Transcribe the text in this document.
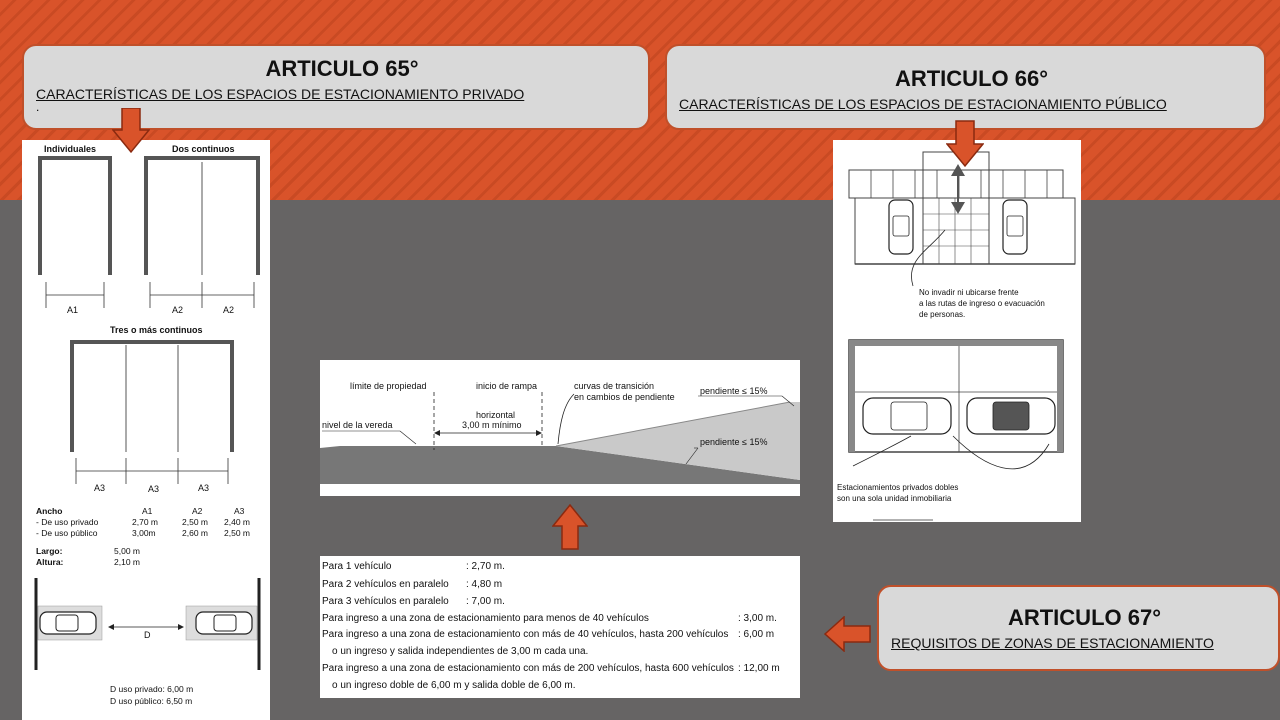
ARTICULO 65°
CARACTERÍSTICAS DE LOS ESPACIOS DE ESTACIONAMIENTO PRIVADO
.
ARTICULO 66°
CARACTERÍSTICAS DE LOS ESPACIOS DE ESTACIONAMIENTO PÚBLICO
ARTICULO 67°
REQUISITOS DE ZONAS DE ESTACIONAMIENTO
Individuales	Dos continuos
A1	A2	A2
Tres o más continuos
A3	A3	A3
Ancho	A1	A2	A3
- De uso privado	2,70 m	2,50 m 2,40 m
- De uso público	3,00m	2,60 m 2,50 m
Largo:	5,00 m
Altura:	2,10 m
D
D uso privado: 6,00 m
D uso público: 6,50 m
límite de propiedad	inicio de rampa	curvas de transición
en cambios de pendiente
pendiente ≤ 15%
horizontal
3,00 m mínimo
nivel de la vereda
pendiente ≤ 15%
Para 1 vehículo	: 2,70 m.
Para 2 vehículos en paralelo : 4,80 m
Para 3 vehículos en paralelo : 7,00 m.
Para ingreso a una zona de estacionamiento para menos de 40 vehículos	: 3,00 m.
Para ingreso a una zona de estacionamiento con más de 40 vehículos, hasta 200 vehículos : 6,00 m
o un ingreso y salida independientes de 3,00 m cada una.
Para ingreso a una zona de estacionamiento con más de 200 vehículos, hasta 600 vehículos : 12,00 m
o un ingreso doble de 6,00 m y salida doble de 6,00 m.
No invadir ni ubicarse frente
a las rutas de ingreso o evacuación
de personas.
Estacionamientos privados dobles
son una sola unidad inmobiliaria
